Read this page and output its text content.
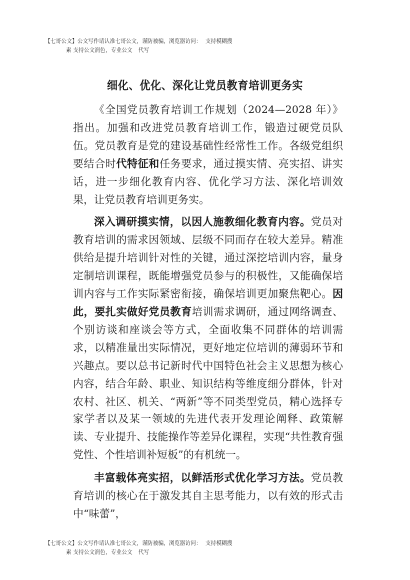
【七哥公文】公文写作请认准七哥公文，谨防被骗，浏览器访问： 支持模糊搜
素 支持公文润色，专业公文 代写
细化、优化、深化让党员教育培训更务实

《全国党员教育培训工作规划（2024—2028 年）》指出。加强和改进党员教育培训工作，锻造过硬党员队伍。党员教育是党的建设基础性经常性工作。各级党组织要结合时代特征和任务要求，通过摸实情、亮实招、讲实话，进一步细化教育内容、优化学习方法、深化培训效果，让党员教育培训更务实。

深入调研摸实情，以因人施教细化教育内容。党员对教育培训的需求因领域、层级不同而存在较大差异。精准供给是提升培训针对性的关键，通过深挖培训内容，量身定制培训课程，既能增强党员参与的积极性，又能确保培训内容与工作实际紧密衔接，确保培训更加聚焦靶心。因此，要扎实做好党员教育培训需求调研，通过网络调查、个别访谈和座谈会等方式，全面收集不同群体的培训需求，以精准量出实际情况，更好地定位培训的薄弱环节和兴趣点。要以总书记新时代中国特色社会主义思想为核心内容，结合年龄、职业、知识结构等维度细分群体，针对农村、社区、机关、“两新”等不同类型党员，精心选择专家学者以及某一领域的先进代表开发理论阐释、政策解读、专业提升、技能操作等差异化课程，实现“共性教育强党性、个性培训补短板”的有机统一。

丰富载体亮实招，以鲜活形式优化学习方法。党员教育培训的核心在于激发其自主思考能力，以有效的形式击中“味蕾”，

【七哥公文】公文写作请认准七哥公文，谨防被骗，浏览器访问： 支持模糊搜
素 支持公文润色，专业公文 代写
